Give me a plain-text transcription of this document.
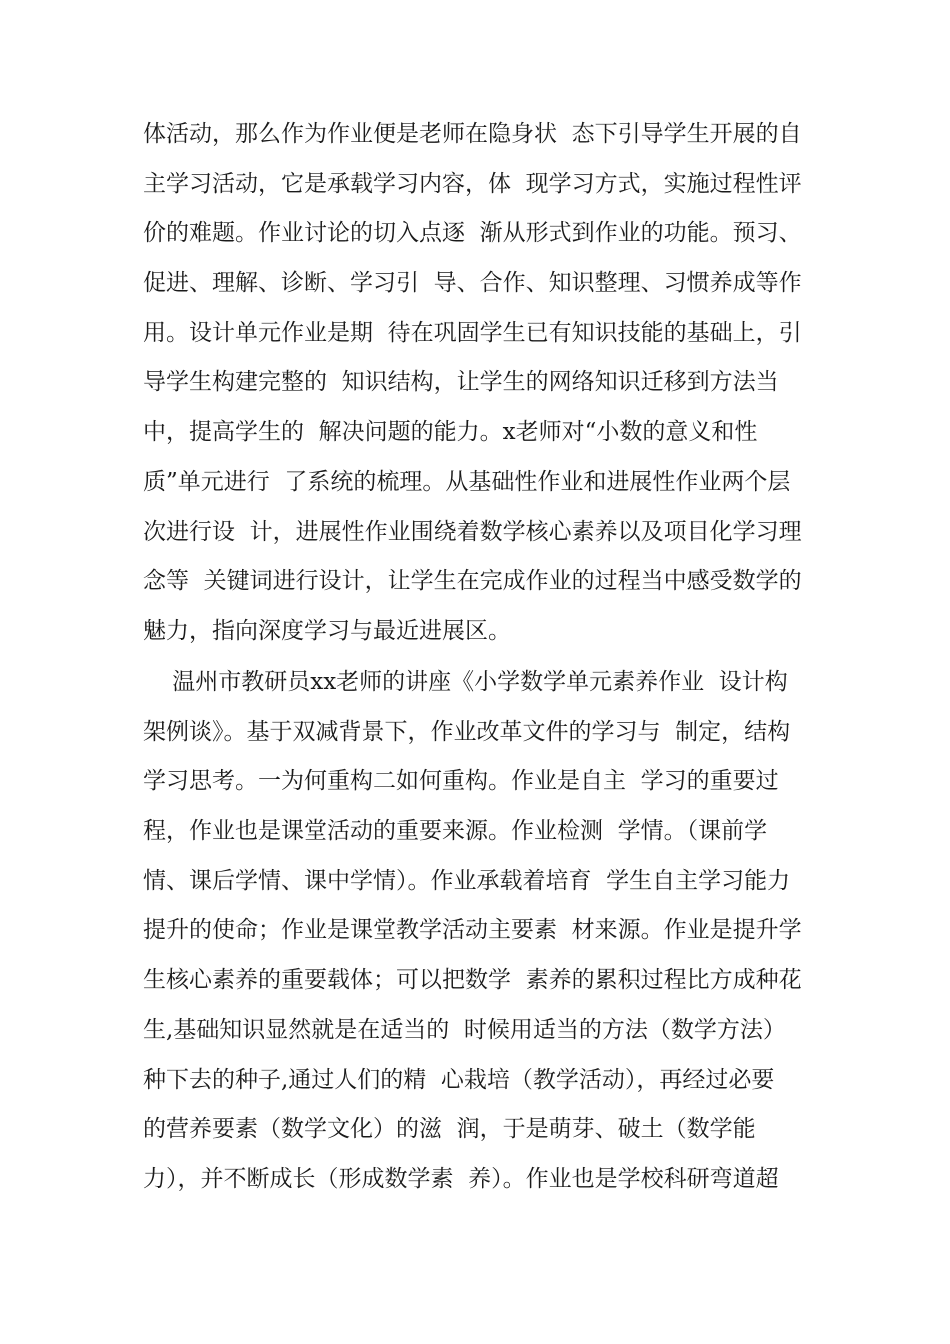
体活动，那么作为作业便是老师在隐身状  态下引导学生开展的自
主学习活动，它是承载学习内容，体  现学习方式，实施过程性评
价的难题。作业讨论的切入点逐  渐从形式到作业的功能。预习、
促进、理解、诊断、学习引  导、合作、知识整理、习惯养成等作
用。设计单元作业是期  待在巩固学生已有知识技能的基础上，引
导学生构建完整的  知识结构，让学生的网络知识迁移到方法当
中，提高学生的  解决问题的能力。x老师对“小数的意义和性
质”单元进行  了系统的梳理。从基础性作业和进展性作业两个层
次进行设  计，进展性作业围绕着数学核心素养以及项目化学习理
念等  关键词进行设计，让学生在完成作业的过程当中感受数学的
魅力，指向深度学习与最近进展区。
温州市教研员xx老师的讲座《小学数学单元素养作业  设计构
架例谈》。基于双减背景下，作业改革文件的学习与  制定，结构
学习思考。一为何重构二如何重构。作业是自主  学习的重要过
程，作业也是课堂活动的重要来源。作业检测  学情。（课前学
情、课后学情、课中学情）。作业承载着培育  学生自主学习能力
提升的使命；作业是课堂教学活动主要素  材来源。作业是提升学
生核心素养的重要载体；可以把数学  素养的累积过程比方成种花
生,基础知识显然就是在适当的  时候用适当的方法（数学方法）
种下去的种子,通过人们的精  心栽培（教学活动），再经过必要
的营养要素（数学文化）的滋  润，于是萌芽、破土（数学能
力），并不断成长（形成数学素  养）。作业也是学校科研弯道超
